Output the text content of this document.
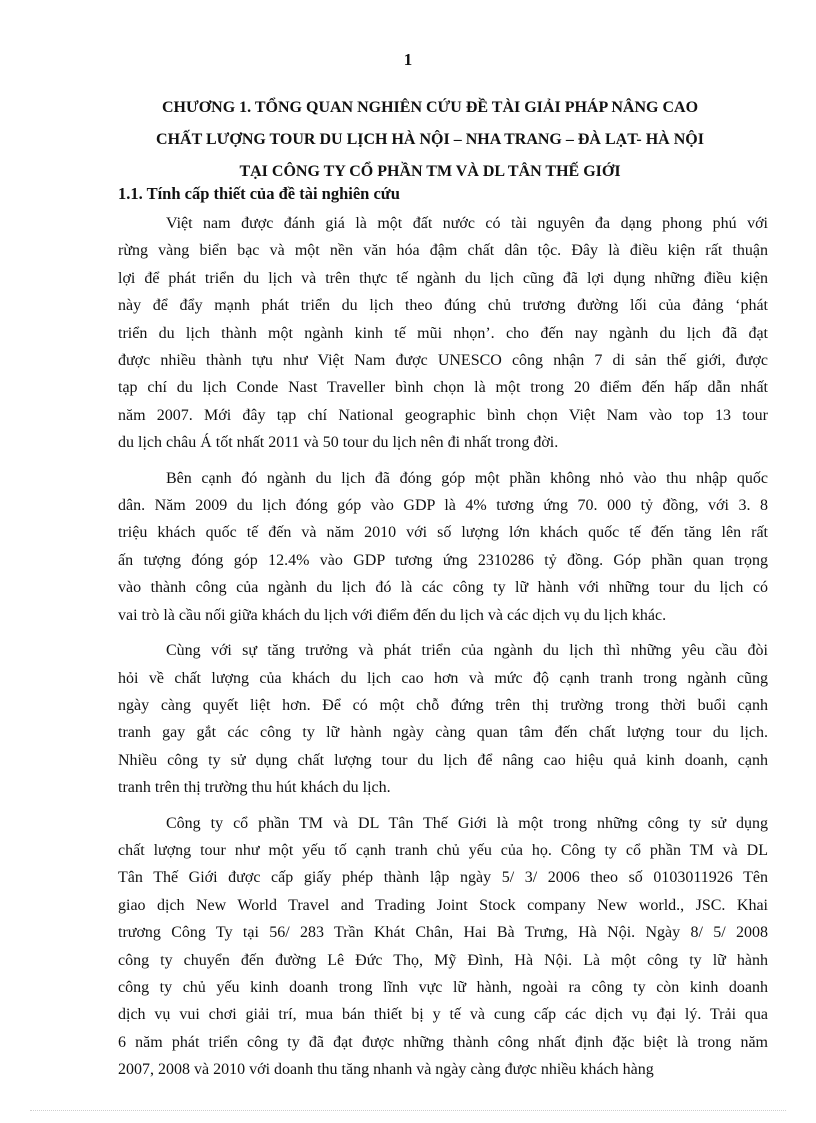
1
CHƯƠNG 1. TỔNG QUAN NGHIÊN CỨU ĐỀ TÀI GIẢI PHÁP NÂNG CAO
CHẤT LƯỢNG TOUR DU LỊCH HÀ NỘI – NHA TRANG – ĐÀ LẠT- HÀ NỘI
TẠI CÔNG TY CỔ PHẦN TM VÀ DL TÂN THẾ GIỚI
1.1. Tính cấp thiết của đề tài nghiên cứu
Việt nam được đánh giá là một đất nước có tài nguyên đa dạng phong phú với
rừng vàng biển bạc và một nền văn hóa đậm chất dân tộc. Đây là điều kiện rất thuận
lợi để phát triển du lịch và trên thực tế ngành du lịch cũng đã lợi dụng những điều kiện
này để đẩy mạnh phát triển du lịch theo đúng chủ trương đường lối của đảng ‘phát
triển du lịch thành một ngành kinh tế mũi nhọn’. cho đến nay ngành du lịch đã đạt
được nhiều thành tựu như Việt Nam được UNESCO công nhận 7 di sản thế giới, được
tạp chí du lịch Conde Nast Traveller bình chọn là một trong 20 điểm đến hấp dẫn nhất
năm 2007. Mới đây tạp chí National geographic bình chọn Việt Nam vào top 13 tour
du lịch châu Á tốt nhất 2011 và 50 tour du lịch nên đi nhất trong đời.
Bên cạnh đó ngành du lịch đã đóng góp một phần không nhỏ vào thu nhập quốc
dân. Năm 2009 du lịch đóng góp vào GDP là 4% tương ứng 70. 000 tỷ đồng, với 3. 8
triệu khách quốc tế đến và năm 2010 với số lượng lớn khách quốc tế đến tăng lên rất
ấn tượng đóng góp 12.4% vào GDP tương ứng 2310286 tỷ đồng. Góp phần quan trọng
vào thành công của ngành du lịch đó là các công ty lữ hành với những tour du lịch có
vai trò là cầu nối giữa khách du lịch với điểm đến du lịch và các dịch vụ du lịch khác.
Cùng với sự tăng trưởng và phát triển của ngành du lịch thì những yêu cầu đòi
hỏi về chất lượng của khách du lịch cao hơn và mức độ cạnh tranh trong ngành cũng
ngày càng quyết liệt hơn. Để có một chỗ đứng trên thị trường trong thời buổi cạnh
tranh gay gắt các công ty lữ hành ngày càng quan tâm đến chất lượng tour du lịch.
Nhiều công ty sử dụng chất lượng tour du lịch để nâng cao hiệu quả kinh doanh, cạnh
tranh trên thị trường thu hút khách du lịch.
Công ty cổ phần TM và DL Tân Thế Giới là một trong những công ty sử dụng
chất lượng tour như một yếu tố cạnh tranh chủ yếu của họ. Công ty cổ phần TM và DL
Tân Thế Giới được cấp giấy phép thành lập ngày 5/ 3/ 2006 theo số 0103011926 Tên
giao dịch New World Travel and Trading Joint Stock company New world., JSC. Khai
trương Công Ty tại 56/ 283 Trần Khát Chân, Hai Bà Trưng, Hà Nội. Ngày 8/ 5/ 2008
công ty chuyển đến đường Lê Đức Thọ, Mỹ Đình, Hà Nội. Là một công ty lữ hành
công ty chủ yếu kinh doanh trong lĩnh vực lữ hành, ngoài ra công ty còn kinh doanh
dịch vụ vui chơi giải trí, mua bán thiết bị y tế và cung cấp các dịch vụ đại lý. Trải qua
6 năm phát triển công ty đã đạt được những thành công nhất định đặc biệt là trong năm
2007, 2008 và 2010 với doanh thu tăng nhanh và ngày càng được nhiều khách hàng
